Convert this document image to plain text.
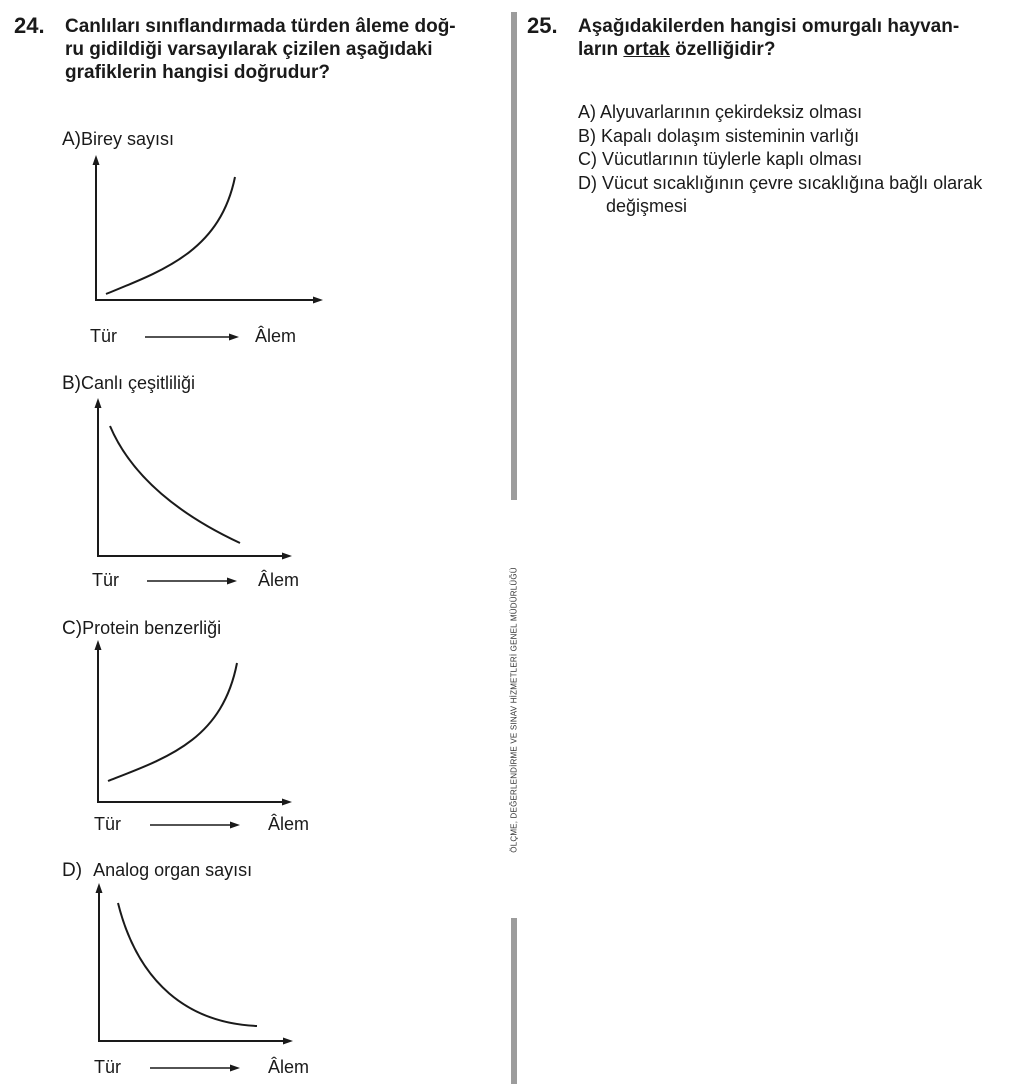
24. Canlıları sınıflandırmada türden âleme doğ-
ru gidildiği varsayılarak çizilen aşağıdaki
grafiklerin hangisi doğrudur?
A)Birey sayısı
Tür	Âlem
B)Canlı çeşitliliği
Tür	Âlem
C)Protein benzerliği
Tür	Âlem
D) Analog organ sayısı
Tür	Âlem
ÖLÇME, DEĞERLENDİRME VE SINAV HİZMETLERİ GENEL MÜDÜRLÜĞÜ
25. Aşağıdakilerden hangisi omurgalı hayvan-
ların ortak özelliğidir?
A) Alyuvarlarının çekirdeksiz olması
B) Kapalı dolaşım sisteminin varlığı
C) Vücutlarının tüylerle kaplı olması
D) Vücut sıcaklığının çevre sıcaklığına bağlı olarak değişmesi
